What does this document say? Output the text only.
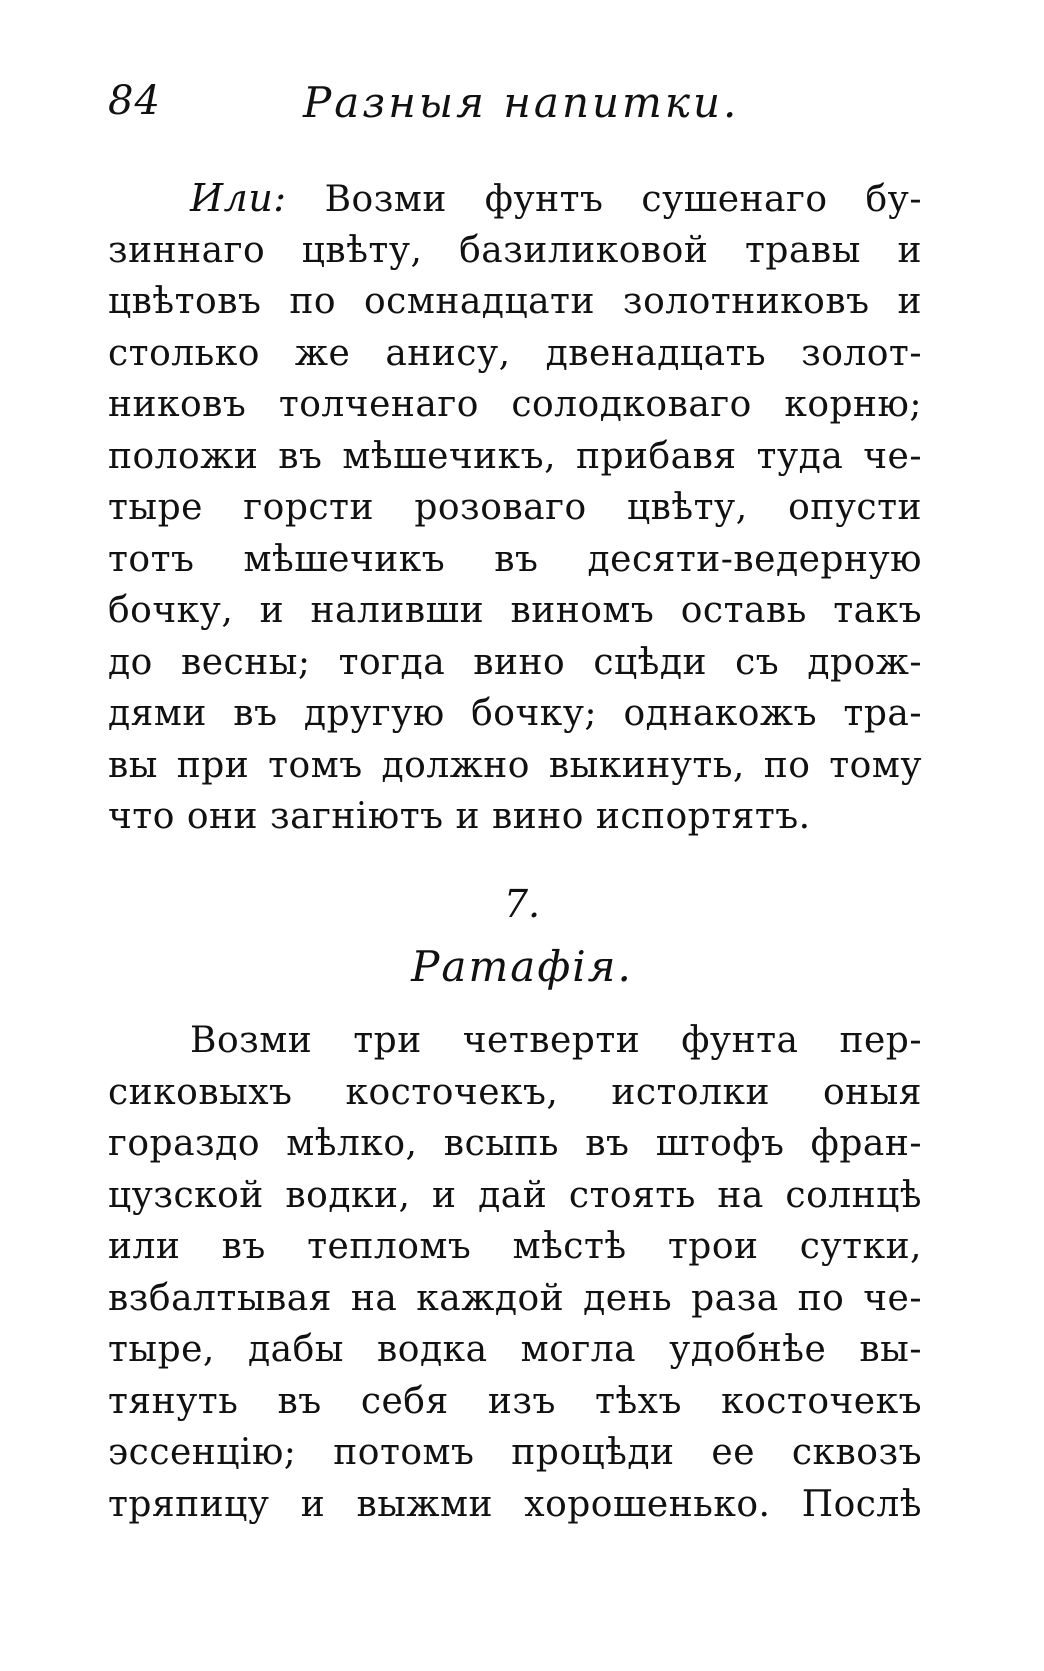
84	Разныя напитки.
Или: Возми фунтъ сушенаго бу-
зиннаго цвѣту, базиликовой травы и
цвѣтовъ по осмнадцати золотниковъ и
столько же анису, двенадцать золот-
никовъ толченаго солодковаго корню;
положи въ мѣшечикъ, прибавя туда че-
тыре горсти розоваго цвѣту, опусти
тотъ мѣшечикъ въ десяти-ведерную
бочку, и наливши виномъ оставь такъ
до весны; тогда вино сцѣди съ дрож-
дями въ другую бочку; однакожъ тра-
вы при томъ должно выкинуть, по тому
что они загнiютъ и вино испортятъ.
7.
Ратафiя.
Возми три четверти фунта пер-
сиковыхъ косточекъ, истолки оныя
гораздо мѣлко, всыпь въ штофъ фран-
цузской водки, и дай стоять на солнцѣ
или въ тепломъ мѣстѣ трои сутки,
взбалтывая на каждой день раза по че-
тыре, дабы водка могла удобнѣе вы-
тянуть въ себя изъ тѣхъ косточекъ
эссенцiю; потомъ процѣди ее сквозъ
тряпицу и выжми хорошенько. Послѣ
